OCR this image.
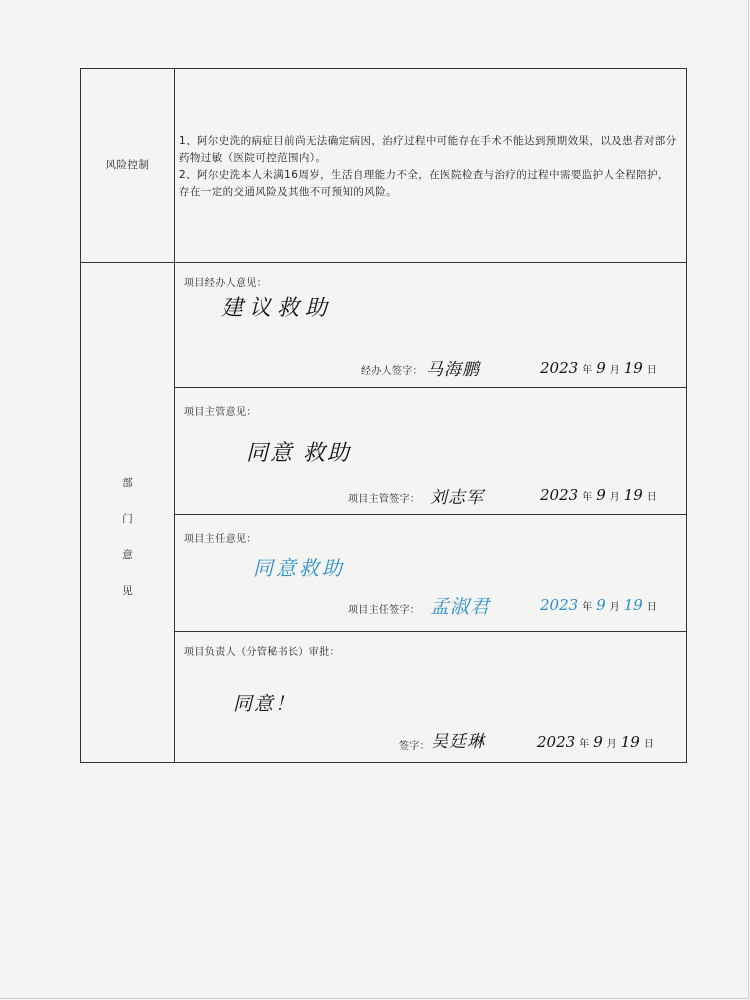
风险控制

1、阿尔史洗的病症目前尚无法确定病因，治疗过程中可能存在手术不能达到预期效果，以及患者对部分药物过敏（医院可控范围内）。

2、阿尔史洗本人未满16周岁，生活自理能力不全，在医院检查与治疗的过程中需要监护人全程陪护，存在一定的交通风险及其他不可预知的风险。

部
门
意
见
项目经办人意见：
建议救助
经办人签字： 马海鹏	2023 年 9 月 19 日
项目主管意见：
同意 救助
项目主管签字： 刘志军	2023 年 9 月 19 日
项目主任意见：
同意救助
项目主任签字： 孟淑君	2023 年 9 月 19 日
项目负责人（分管秘书长）审批：
同意！
签字： 吴廷琳	2023 年 9 月 19 日
